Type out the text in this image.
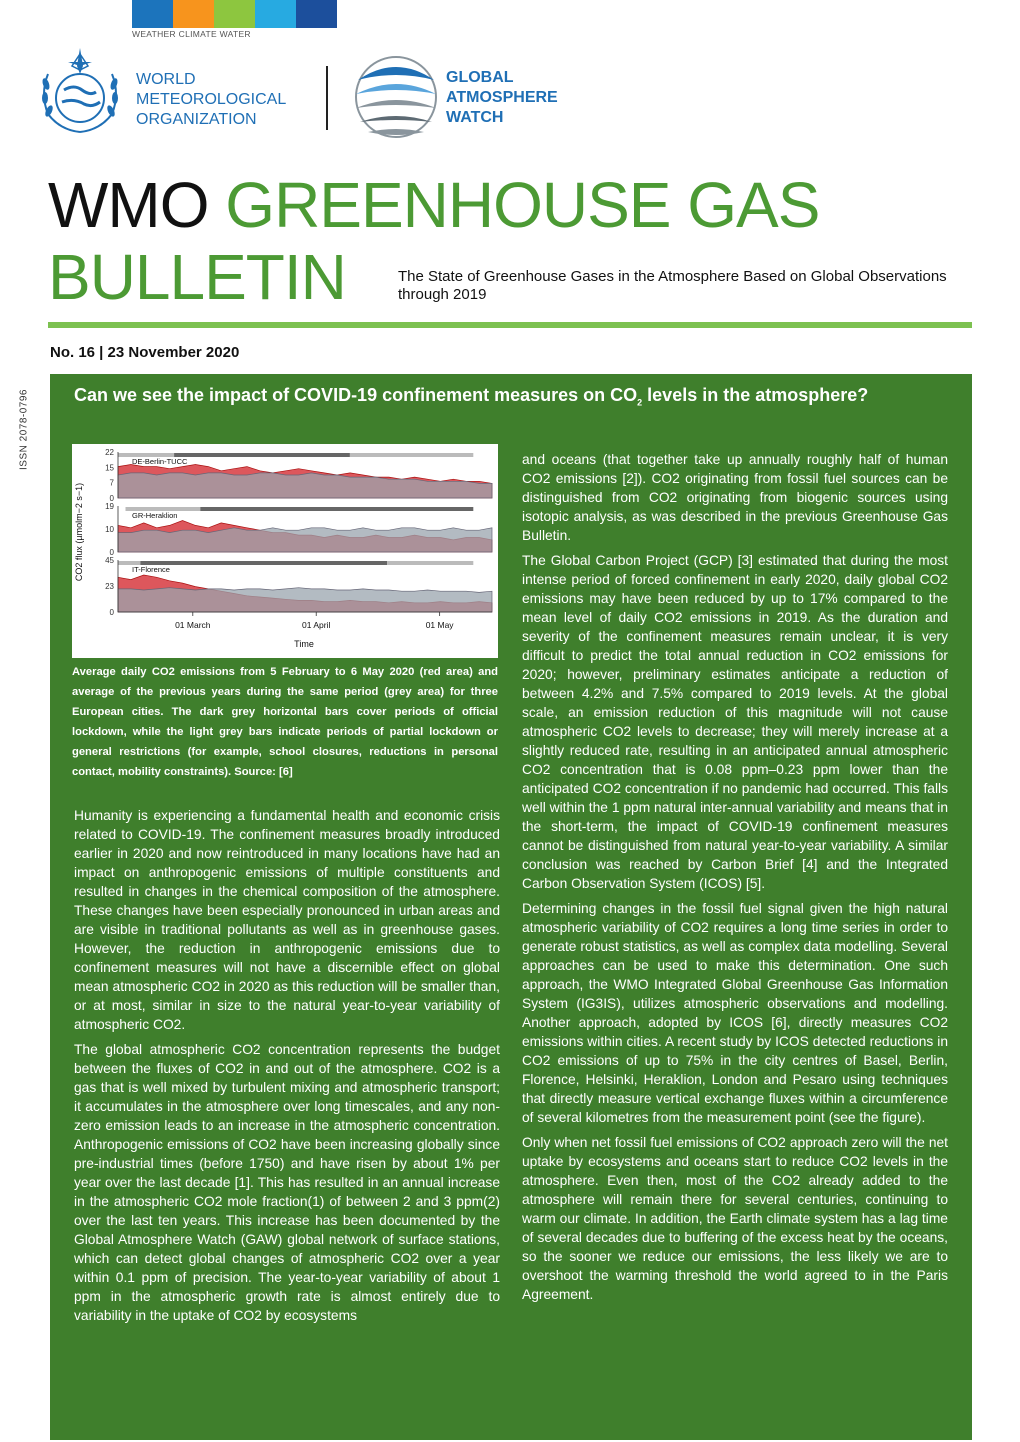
WEATHER CLIMATE WATER
WORLD
METEOROLOGICAL
ORGANIZATION
GLOBAL
ATMOSPHERE
WATCH
WMO GREENHOUSE GAS
BULLETIN	The State of Greenhouse Gases in the Atmosphere Based on Global Observations through 2019
No. 16 | 23 November 2020
ISSN 2078-0796 Can we see the impact of COVID-19 confinement measures on $CO_2$ levels in the atmosphere?
DE-Berlin-TUCC
22
15
7
0
GR-Heraklion
19
10
0
IT-Florence
45
23
0
01 March	01 April	01 May
Time
CO2 flux (µmolm−2 s−1)
Average daily CO2 emissions from 5 February to 6 May 2020 (red area) and average of the previous years during the same period (grey area) for three European cities. The dark grey horizontal bars cover periods of official lockdown, while the light grey bars indicate periods of partial lockdown or general restrictions (for example, school closures, reductions in personal contact, mobility constraints). Source: [6]

Humanity is experiencing a fundamental health and economic crisis related to COVID-19. The confinement measures broadly introduced earlier in 2020 and now reintroduced in many locations have had an impact on anthropogenic emissions of multiple constituents and resulted in changes in the chemical composition of the atmosphere. These changes have been especially pronounced in urban areas and are visible in traditional pollutants as well as in greenhouse gases. However, the reduction in anthropogenic emissions due to confinement measures will not have a discernible effect on global mean atmospheric CO2 in 2020 as this reduction will be smaller than, or at most, similar in size to the natural year-to-year variability of atmospheric CO2.

The global atmospheric CO2 concentration represents the budget between the fluxes of CO2 in and out of the atmosphere. CO2 is a gas that is well mixed by turbulent mixing and atmospheric transport; it accumulates in the atmosphere over long timescales, and any non-zero emission leads to an increase in the atmospheric concentration. Anthropogenic emissions of CO2 have been increasing globally since pre-industrial times (before 1750) and have risen by about 1% per year over the last decade [1]. This has resulted in an annual increase in the atmospheric CO2 mole fraction(1) of between 2 and 3 ppm(2) over the last ten years. This increase has been documented by the Global Atmosphere Watch (GAW) global network of surface stations, which can detect global changes of atmospheric CO2 over a year within 0.1 ppm of precision. The year-to-year variability of about 1 ppm in the atmospheric growth rate is almost entirely due to variability in the uptake of CO2 by ecosystems

and oceans (that together take up annually roughly half of human CO2 emissions [2]). CO2 originating from fossil fuel sources can be distinguished from CO2 originating from biogenic sources using isotopic analysis, as was described in the previous Greenhouse Gas Bulletin.

The Global Carbon Project (GCP) [3] estimated that during the most intense period of forced confinement in early 2020, daily global CO2 emissions may have been reduced by up to 17% compared to the mean level of daily CO2 emissions in 2019. As the duration and severity of the confinement measures remain unclear, it is very difficult to predict the total annual reduction in CO2 emissions for 2020; however, preliminary estimates anticipate a reduction of between 4.2% and 7.5% compared to 2019 levels. At the global scale, an emission reduction of this magnitude will not cause atmospheric CO2 levels to decrease; they will merely increase at a slightly reduced rate, resulting in an anticipated annual atmospheric CO2 concentration that is 0.08 ppm–0.23 ppm lower than the anticipated CO2 concentration if no pandemic had occurred. This falls well within the 1 ppm natural inter-annual variability and means that in the short-term, the impact of COVID-19 confinement measures cannot be distinguished from natural year-to-year variability. A similar conclusion was reached by Carbon Brief [4] and the Integrated Carbon Observation System (ICOS) [5].

Determining changes in the fossil fuel signal given the high natural atmospheric variability of CO2 requires a long time series in order to generate robust statistics, as well as complex data modelling. Several approaches can be used to make this determination. One such approach, the WMO Integrated Global Greenhouse Gas Information System (IG3IS), utilizes atmospheric observations and modelling. Another approach, adopted by ICOS [6], directly measures CO2 emissions within cities. A recent study by ICOS detected reductions in CO2 emissions of up to 75% in the city centres of Basel, Berlin, Florence, Helsinki, Heraklion, London and Pesaro using techniques that directly measure vertical exchange fluxes within a circumference of several kilometres from the measurement point (see the figure).

Only when net fossil fuel emissions of CO2 approach zero will the net uptake by ecosystems and oceans start to reduce CO2 levels in the atmosphere. Even then, most of the CO2 already added to the atmosphere will remain there for several centuries, continuing to warm our climate. In addition, the Earth climate system has a lag time of several decades due to buffering of the excess heat by the oceans, so the sooner we reduce our emissions, the less likely we are to overshoot the warming threshold the world agreed to in the Paris Agreement.
